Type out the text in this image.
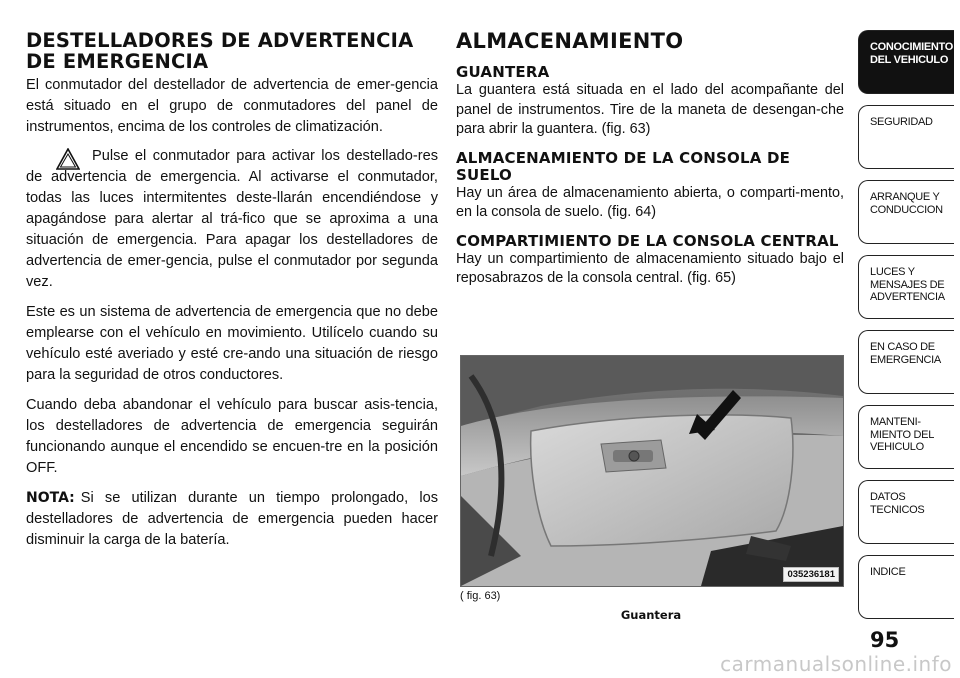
DESTELLADORES DE ADVERTENCIA
DE EMERGENCIA

El conmutador del destellador de advertencia de emer-gencia está situado en el grupo de conmutadores del panel de instrumentos, encima de los controles de climatización.

Pulse el conmutador para activar los destellado-res de advertencia de emergencia. Al activarse el conmutador, todas las luces intermitentes deste-llarán encendiéndose y apagándose para alertar al trá-fico que se aproxima a una situación de emergencia. Para apagar los destelladores de advertencia de emer-gencia, pulse el conmutador por segunda vez.

Este es un sistema de advertencia de emergencia que no debe emplearse con el vehículo en movimiento. Utilícelo cuando su vehículo esté averiado y esté cre-ando una situación de riesgo para la seguridad de otros conductores.

Cuando deba abandonar el vehículo para buscar asis-tencia, los destelladores de advertencia de emergencia seguirán funcionando aunque el encendido se encuen-tre en la posición OFF.

NOTA: Si se utilizan durante un tiempo prolongado, los destelladores de advertencia de emergencia pueden hacer disminuir la carga de la batería.

ALMACENAMIENTO
GUANTERA

La guantera está situada en el lado del acompañante del panel de instrumentos. Tire de la maneta de desengan-che para abrir la guantera. (fig. 63)

ALMACENAMIENTO DE LA CONSOLA DE SUELO

Hay un área de almacenamiento abierta, o comparti-mento, en la consola de suelo. (fig. 64)

COMPARTIMIENTO DE LA CONSOLA CENTRAL

Hay un compartimiento de almacenamiento situado bajo el reposabrazos de la consola central. (fig. 65)

035236181
( fig. 63)
Guantera
CONOCIMIENTO
DEL VEHICULO
SEGURIDAD
ARRANQUE Y
CONDUCCION
LUCES Y
MENSAJES DE
ADVERTENCIA
EN CASO DE
EMERGENCIA
MANTENI-
MIENTO DEL
VEHICULO
DATOS
TECNICOS
INDICE
95
carmanualsonline.info
